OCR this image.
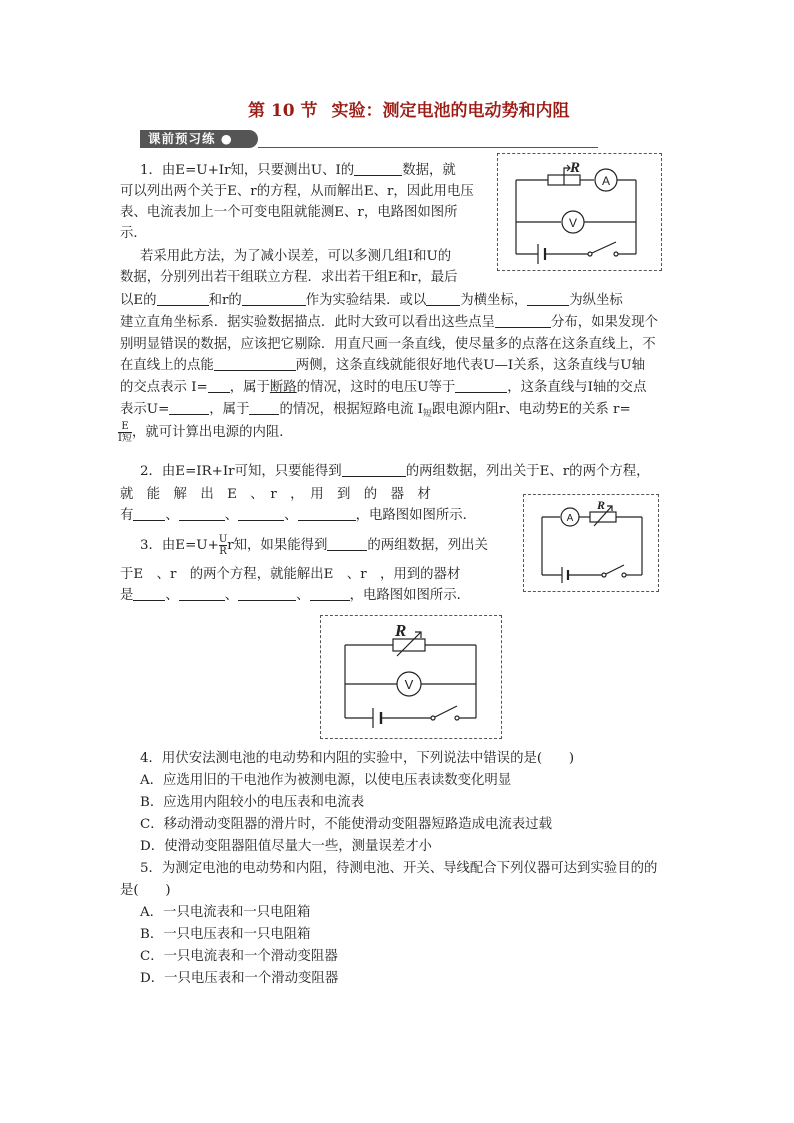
第 10 节 实验：测定电池的电动势和内阻
课前预习练 ●
1．由E=U+Ir知，只要测出U、I的	数据，就
可以列出两个关于E、r的方程，从而解出E、r，因此用电压
表、电流表加上一个可变电阻就能测E、r，电路图如图所
示．
若采用此方法，为了减小误差，可以多测几组I和U的
数据，分别列出若干组联立方程．求出若干组E和r，最后
以E的	和r的	作为实验结果．或以	为横坐标，	为纵坐标
建立直角坐标系．据实验数据描点．此时大致可以看出这些点呈	分布，如果发现个
别明显错误的数据，应该把它剔除．用直尺画一条直线，使尽量多的点落在这条直线上，不
在直线上的点能	两侧，这条直线就能很好地代表U—I关系，这条直线与U轴
的交点表示 I= ，属于断路的情况，这时的电压U等于	，这条直线与I轴的交点
表示U=	，属于 的情况，根据短路电流 $I_短$跟电源内阻r、电动势E的关系 r=
$\frac{E}{\text{I短}}$ ，就可计算出电源的内阻．
2．由E=IR+Ir可知，只要能得到	的两组数据，列出关于E、r的两个方程，
就　能　解　出　E　、　r　，　用　到　的　器　材
有 、	、	、	，电路图如图所示．
3．由$E=U+ \frac{U}{R}$ r知，如果能得到	的两组数据，列出关
于E　、r　的两个方程，就能解出E　、r　，用到的器材
是 、	、	、	，电路图如图所示．
R
A
V
A
R
R
V
4．用伏安法测电池的电动势和内阻的实验中，下列说法中错误的是(　　)
A．应选用旧的干电池作为被测电源，以使电压表读数变化明显
B．应选用内阻较小的电压表和电流表
C．移动滑动变阻器的滑片时，不能使滑动变阻器短路造成电流表过载
D．使滑动变阻器阻值尽量大一些，测量误差才小
5．为测定电池的电动势和内阻，待测电池、开关、导线配合下列仪器可达到实验目的的
是(　　)
A．一只电流表和一只电阻箱
B．一只电压表和一只电阻箱
C．一只电流表和一个滑动变阻器
D．一只电压表和一个滑动变阻器
